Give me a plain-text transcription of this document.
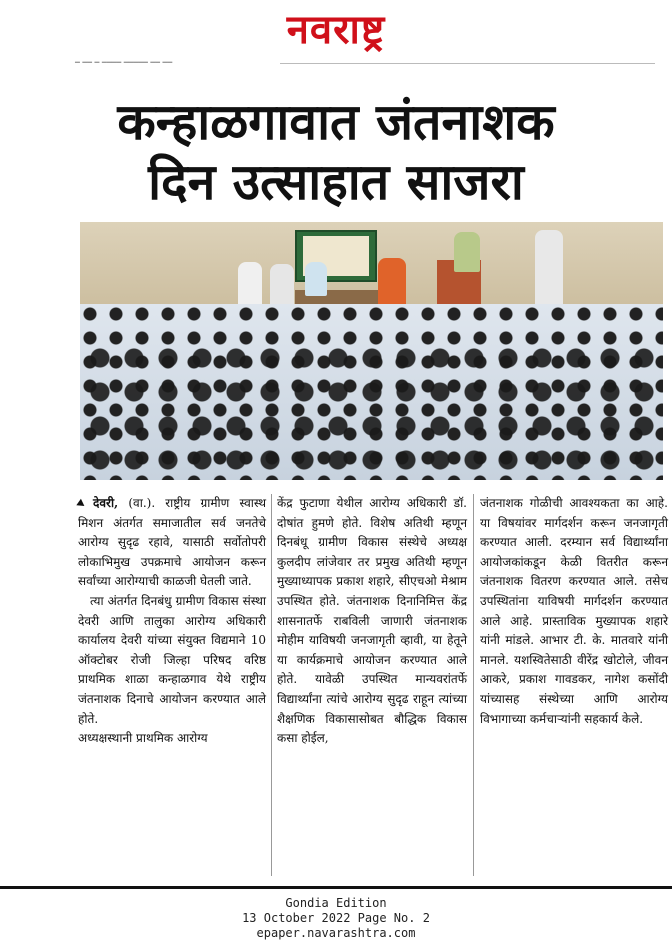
नवराष्ट्र
━ ━━ ━ ━━━━ ━━━━━ ━━ ━━
कन्हाळगावात जंतनाशक
दिन उत्साहात साजरा

देवरी, (वा.). राष्ट्रीय ग्रामीण स्वास्थ मिशन अंतर्गत समाजातील सर्व जनतेचे आरोग्य सुदृढ रहावे, यासाठी सर्वोतोपरी लोकाभिमुख उपक्रमाचे आयोजन करून सर्वांच्या आरोग्याची काळजी घेतली जाते.

त्या अंतर्गत दिनबंधु ग्रामीण विकास संस्था देवरी आणि तालुका आरोग्य अधिकारी कार्यालय देवरी यांच्या संयुक्त विद्यमाने 10 ऑक्टोबर रोजी जिल्हा परिषद वरिष्ठ प्राथमिक शाळा कन्हाळगाव येथे राष्ट्रीय जंतनाशक दिनाचे आयोजन करण्यात आले होते.

अध्यक्षस्थानी प्राथमिक आरोग्य

केंद्र फुटाणा येथील आरोग्य अधिकारी डॉ. दोषांत हुमणे होते. विशेष अतिथी म्हणून दिनबंधू ग्रामीण विकास संस्थेचे अध्यक्ष कुलदीप लांजेवार तर प्रमुख अतिथी म्हणून मुख्याध्यापक प्रकाश शहारे, सीएचओ मेश्राम उपस्थित होते. जंतनाशक दिनानिमित्त केंद्र शासनातर्फे राबविली जाणारी जंतनाशक मोहीम याविषयी जनजागृती व्हावी, या हेतूने या कार्यक्रमाचे आयोजन करण्यात आले होते. यावेळी उपस्थित मान्यवरांतर्फे विद्यार्थ्यांना त्यांचे आरोग्य सुदृढ राहून त्यांच्या शैक्षणिक विकासासोबत बौद्धिक विकास कसा होईल,

जंतनाशक गोळीची आवश्यकता का आहे. या विषयांवर मार्गदर्शन करून जनजागृती करण्यात आली. दरम्यान सर्व विद्यार्थ्यांना आयोजकांकडून केळी वितरीत करून जंतनाशक वितरण करण्यात आले. तसेच उपस्थितांना याविषयी मार्गदर्शन करण्यात आले आहे. प्रास्ताविक मुख्यापक शहारे यांनी मांडले. आभार टी. के. मातवारे यांनी मानले. यशस्वितेसाठी वीरेंद्र खोटोले, जीवन आकरे, प्रकाश गावडकर, नागेश कसोंदी यांच्यासह संस्थेच्या आणि आरोग्य विभागाच्या कर्मचाऱ्यांनी सहकार्य केले.

Gondia Edition
13 October 2022 Page No. 2
epaper.navarashtra.com
